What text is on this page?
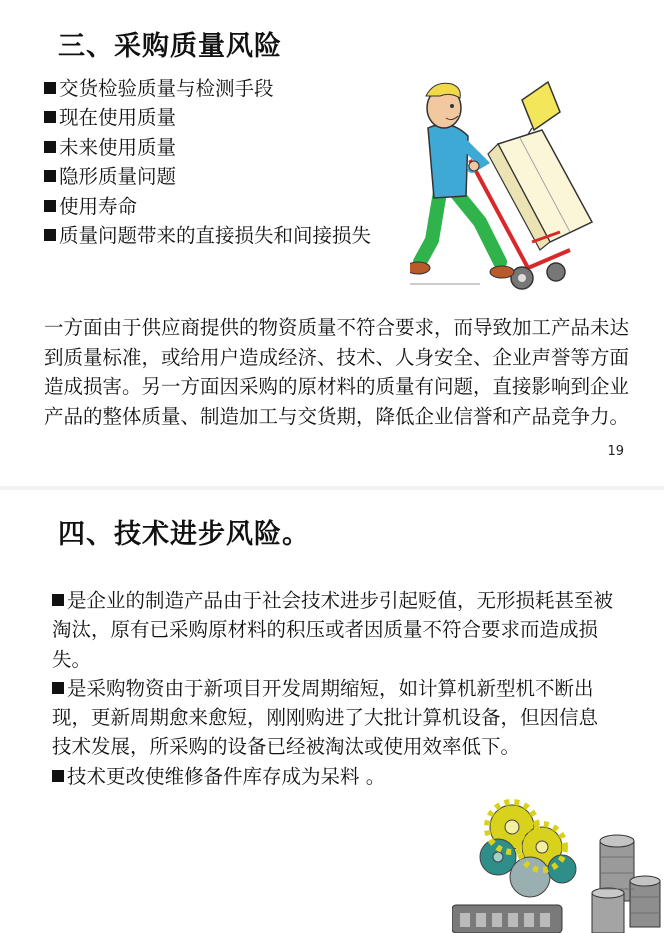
三、采购质量风险
交货检验质量与检测手段
现在使用质量
未来使用质量
隐形质量问题
使用寿命
质量问题带来的直接损失和间接损失

一方面由于供应商提供的物资质量不符合要求，而导致加工产品未达到质量标准，或给用户造成经济、技术、人身安全、企业声誉等方面造成损害。另一方面因采购的原材料的质量有问题，直接影响到企业产品的整体质量、制造加工与交货期，降低企业信誉和产品竞争力。

19
四、技术进步风险。
是企业的制造产品由于社会技术进步引起贬值，无形损耗甚至被淘汰，原有已采购原材料的积压或者因质量不符合要求而造成损失。
是采购物资由于新项目开发周期缩短，如计算机新型机不断出现，更新周期愈来愈短，刚刚购进了大批计算机设备，但因信息技术发展，所采购的设备已经被淘汰或使用效率低下。
技术更改使维修备件库存成为呆料 。
